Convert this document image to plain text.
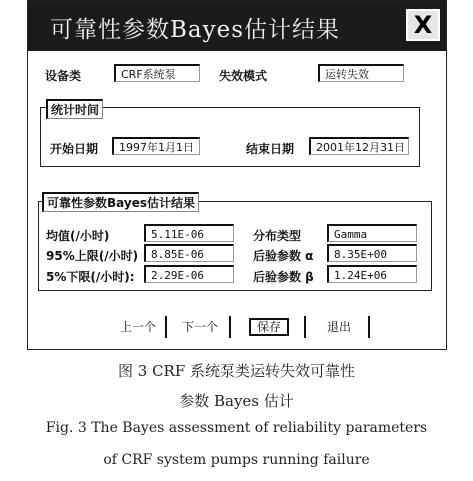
可靠性参数Bayes估计结果	X
设备类	CRF系统泵	失效模式	运转失效
统计时间
开始日期	1997年1月1日	结束日期	2001年12月31日
可靠性参数Bayes估计结果
均值(/小时)	5.11E-06	分布类型	Gamma
95%上限(/小时)	8.85E-06	后验参数 α	8.35E+00
5%下限(/小时):	2.29E-06	后验参数 β	1.24E+06
上一个	下一个	保存	退出
图 3 CRF 系统泵类运转失效可靠性
参数 Bayes 估计
Fig. 3 The Bayes assessment of reliability parameters
of CRF system pumps running failure
